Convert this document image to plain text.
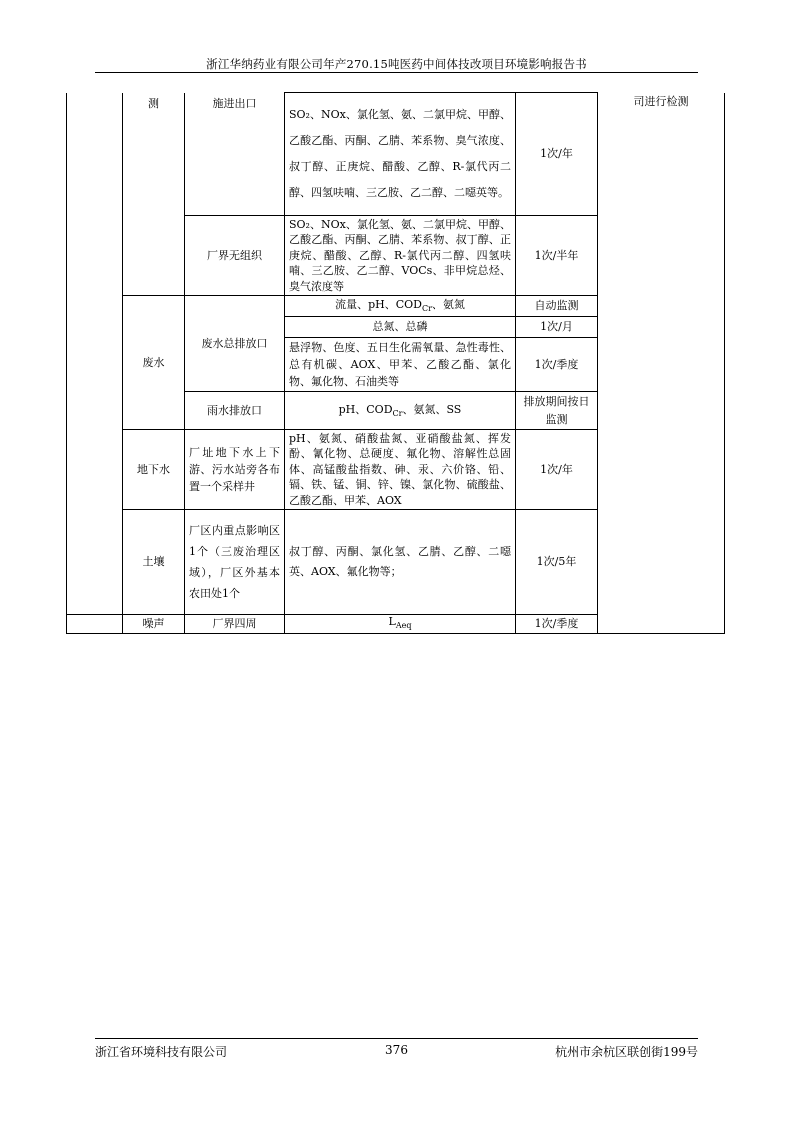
浙江华纳药业有限公司年产270.15吨医药中间体技改项目环境影响报告书
	测	施进出口	SO₂、NOx、氯化氢、氨、二氯甲烷、甲醇、乙酸乙酯、丙酮、乙腈、苯系物、臭气浓度、叔丁醇、正庚烷、醋酸、乙醇、R-氯代丙二醇、四氢呋喃、三乙胺、乙二醇、二噁英等。	1次/年	司进行检测
		厂界无组织	SO₂、NOx、氯化氢、氨、二氯甲烷、甲醇、乙酸乙酯、丙酮、乙腈、苯系物、叔丁醇、正庚烷、醋酸、乙醇、R-氯代丙二醇、四氢呋喃、三乙胺、乙二醇、VOCs、非甲烷总烃、臭气浓度等	1次/半年	
	废水	废水总排放口	流量、pH、$COD_{Cr}$、氨氮	自动监测	
			总氮、总磷	1次/月	
			悬浮物、色度、五日生化需氧量、急性毒性、总有机碳、AOX、甲苯、乙酸乙酯、氯化物、氟化物、石油类等	1次/季度	
		雨水排放口	pH、$COD_{Cr}$、氨氮、SS	排放期间按日监测	
	地下水	厂址地下水上下游、污水站旁各布置一个采样井	pH、氨氮、硝酸盐氮、亚硝酸盐氮、挥发酚、氰化物、总硬度、氟化物、溶解性总固体、高锰酸盐指数、砷、汞、六价铬、铅、镉、铁、锰、铜、锌、镍、氯化物、硫酸盐、乙酸乙酯、甲苯、AOX	1次/年	
	土壤	厂区内重点影响区1个（三废治理区域），厂区外基本农田处1个	叔丁醇、丙酮、氯化氢、乙腈、乙醇、二噁英、AOX、氟化物等；	1次/5年	
	噪声	厂界四周	$L_{Aeq}$	1次/季度	
浙江省环境科技有限公司	376	杭州市余杭区联创街199号
